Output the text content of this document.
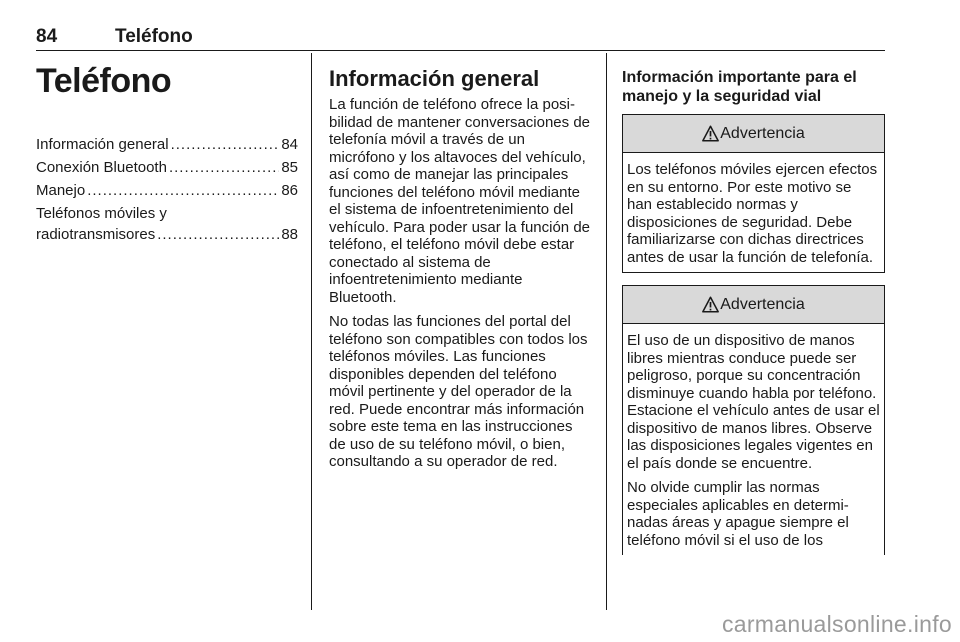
84	Teléfono
Teléfono
Información general .....	84
Conexión Bluetooth .....	85
Manejo .....	86
Teléfonos móviles y
radiotransmisores .....	88
Información general

La función de teléfono ofrece la posibilidad de mantener conversaciones de telefonía móvil a través de un micrófono y los altavoces del vehículo, así como de manejar las principales funciones del teléfono móvil mediante el sistema de infoentretenimiento del vehículo. Para poder usar la función de teléfono, el teléfono móvil debe estar conectado al sistema de infoentretenimiento mediante Bluetooth.

No todas las funciones del portal del teléfono son compatibles con todos los teléfonos móviles. Las funciones disponibles dependen del teléfono móvil pertinente y del operador de la red. Puede encontrar más información sobre este tema en las instrucciones de uso de su teléfono móvil, o bien, consultando a su operador de red.

Información importante para el manejo y la seguridad vial
Advertencia

Los teléfonos móviles ejercen efectos en su entorno. Por este motivo se han establecido normas y disposiciones de seguridad. Debe familiarizarse con dichas directrices antes de usar la función de telefonía.

Advertencia

El uso de un dispositivo de manos libres mientras conduce puede ser peligroso, porque su concentración disminuye cuando habla por teléfono. Estacione el vehículo antes de usar el dispositivo de manos libres. Observe las disposiciones legales vigentes en el país donde se encuentre.

No olvide cumplir las normas especiales aplicables en determinadas áreas y apague siempre el teléfono móvil si el uso de los

carmanualsonline.info
